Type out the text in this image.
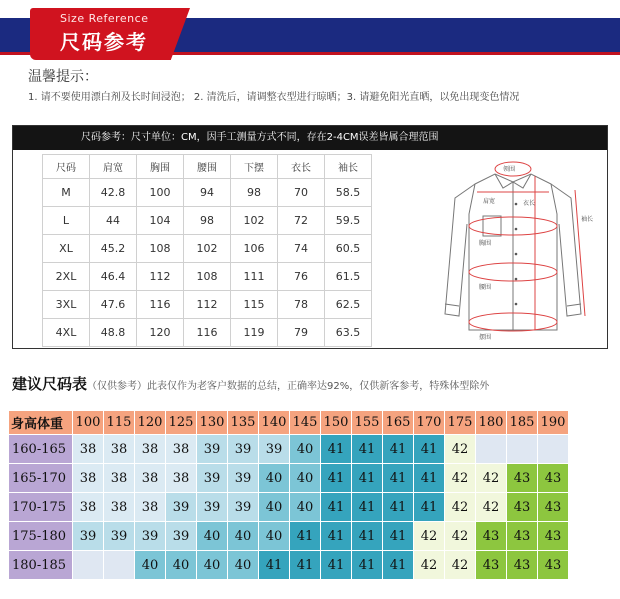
Size Reference
尺码参考
温馨提示：
1. 请不要使用漂白剂及长时间浸泡； 2. 清洗后，请调整衣型进行晾晒；3. 请避免阳光直晒，以免出现变色情况
尺码参考：尺寸单位：CM，因手工测量方式不同，存在2-4CM误差皆属合理范围
尺码	肩宽	胸围	腰围	下摆	衣长	袖长
M	42.8	100	94	98	70	58.5
L	44	104	98	102	72	59.5
XL	45.2	108	102	106	74	60.5
2XL	46.4	112	108	111	76	61.5
3XL	47.6	116	112	115	78	62.5
4XL	48.8	120	116	119	79	63.5
领围
肩宽	衣长
袖长
胸围
腰围
摆围
建议尺码表（仅供参考）此表仅作为老客户数据的总结，正确率达92%，仅供新客参考，特殊体型除外
身高体重	100	115	120	125	130	135	140	145	150	155	165	170	175	180	185	190
160-165	38	38	38	38	39	39	39	40	41	41	41	41	42			
165-170	38	38	38	38	39	39	40	40	41	41	41	41	42	42	43	43
170-175	38	38	38	39	39	39	40	40	41	41	41	41	42	42	43	43
175-180	39	39	39	39	40	40	40	41	41	41	41	42	42	43	43	43
180-185			40	40	40	40	41	41	41	41	41	42	42	43	43	43
